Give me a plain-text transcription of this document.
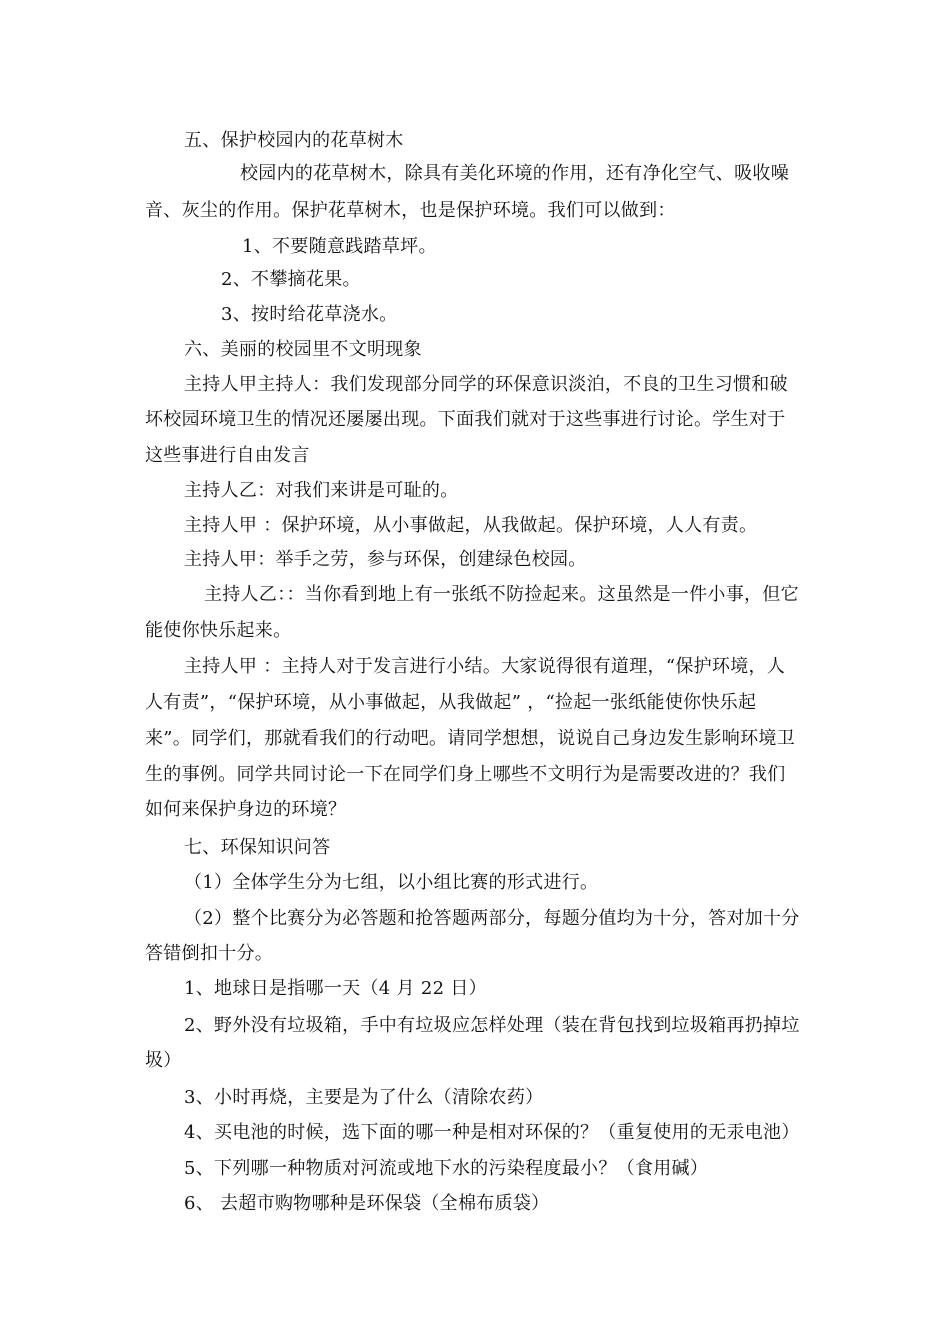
五、保护校园内的花草树木
校园内的花草树木，除具有美化环境的作用，还有净化空气、吸收噪
音、灰尘的作用。保护花草树木，也是保护环境。我们可以做到：
1、不要随意践踏草坪。
2、不攀摘花果。
3、按时给花草浇水。
六、美丽的校园里不文明现象
主持人甲主持人：我们发现部分同学的环保意识淡泊，不良的卫生习惯和破
坏校园环境卫生的情况还屡屡出现。下面我们就对于这些事进行讨论。学生对于
这些事进行自由发言
主持人乙：对我们来讲是可耻的。
主持人甲 ：保护环境，从小事做起，从我做起。保护环境，人人有责。
主持人甲：举手之劳，参与环保，创建绿色校园。
主持人乙：：当你看到地上有一张纸不防捡起来。这虽然是一件小事，但它
能使你快乐起来。
主持人甲 ：主持人对于发言进行小结。大家说得很有道理，“保护环境，人
人有责”，“保护环境，从小事做起，从我做起” ，“捡起一张纸能使你快乐起
来”。同学们，那就看我们的行动吧。请同学想想，说说自己身边发生影响环境卫
生的事例。同学共同讨论一下在同学们身上哪些不文明行为是需要改进的？我们
如何来保护身边的环境？
七、环保知识问答
（1）全体学生分为七组，以小组比赛的形式进行。
（2）整个比赛分为必答题和抢答题两部分，每题分值均为十分，答对加十分
答错倒扣十分。
1、地球日是指哪一天（4 月 22 日）
2、野外没有垃圾箱，手中有垃圾应怎样处理（装在背包找到垃圾箱再扔掉垃
圾）
3、小时再烧，主要是为了什么（清除农药）
4、买电池的时候，选下面的哪一种是相对环保的？（重复使用的无汞电池）
5、下列哪一种物质对河流或地下水的污染程度最小？（食用碱）
6、 去超市购物哪种是环保袋（全棉布质袋）
